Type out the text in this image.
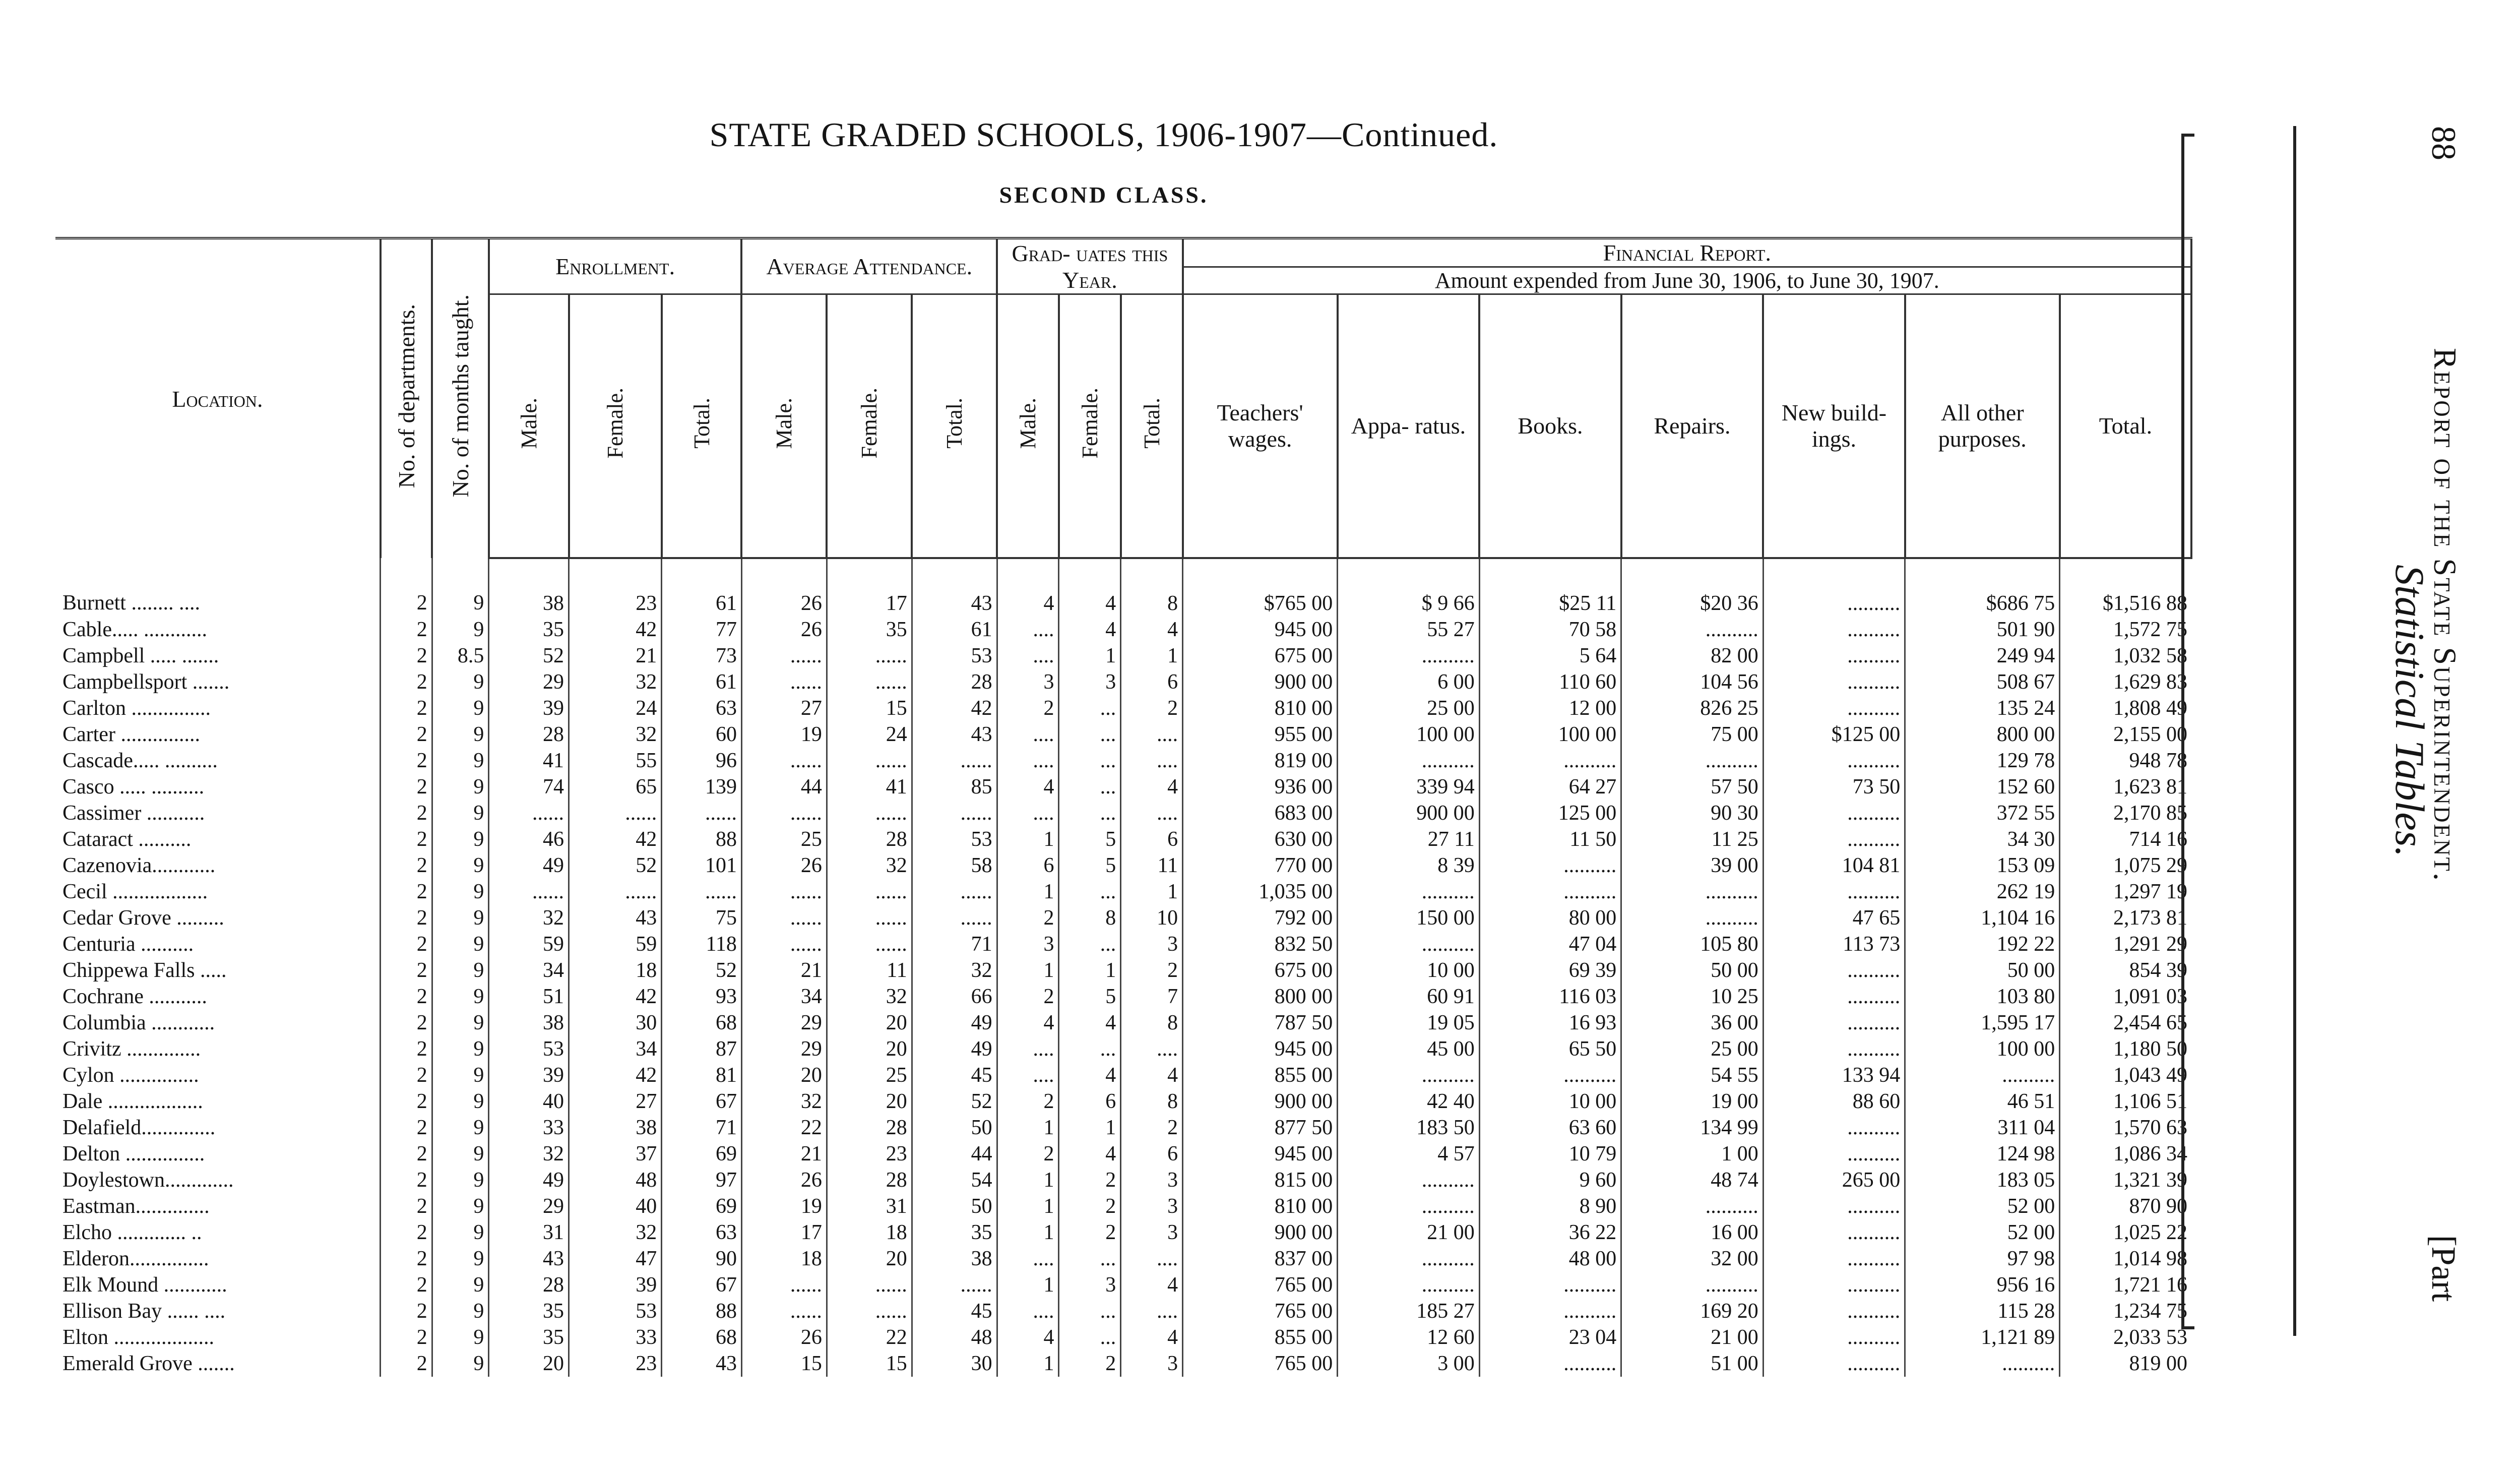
STATE GRADED SCHOOLS, 1906-1907—Continued.
SECOND CLASS.
Location.	No. of departments.	No. of months taught.	Enrollment.			Average Attendance.			Grad- uates this Year.			Financial Report.						
												Amount expended from June 30, 1906, to June 30, 1907.						
			Male.	Female.	Total.	Male.	Female.	Total.	Male.	Female.	Total.	Teachers' wages.	Appa- ratus.	Books.	Repairs.	New build- ings.	All other purposes.	Total.
Burnett ........ ....	2	9	38	23	61	26	17	43	4	4	8	$765 00	$ 9 66	$25 11	$20 36	..........	$686 75	$1,516 88
Cable..... ............	2	9	35	42	77	26	35	61	....	4	4	945 00	55 27	70 58	..........	..........	501 90	1,572 75
Campbell ..... .......	2	8.5	52	21	73	......	......	53	....	1	1	675 00	..........	5 64	82 00	..........	249 94	1,032 58
Campbellsport .......	2	9	29	32	61	......	......	28	3	3	6	900 00	6 00	110 60	104 56	..........	508 67	1,629 83
Carlton ...............	2	9	39	24	63	27	15	42	2	...	2	810 00	25 00	12 00	826 25	..........	135 24	1,808 49
Carter ...............	2	9	28	32	60	19	24	43	....	...	....	955 00	100 00	100 00	75 00	$125 00	800 00	2,155 00
Cascade..... ..........	2	9	41	55	96	......	......	......	....	...	....	819 00	..........	..........	..........	..........	129 78	948 78
Casco ..... ..........	2	9	74	65	139	44	41	85	4	...	4	936 00	339 94	64 27	57 50	73 50	152 60	1,623 81
Cassimer ...........	2	9	......	......	......	......	......	......	....	...	....	683 00	900 00	125 00	90 30	..........	372 55	2,170 85
Cataract ..........	2	9	46	42	88	25	28	53	1	5	6	630 00	27 11	11 50	11 25	..........	34 30	714 16
Cazenovia............	2	9	49	52	101	26	32	58	6	5	11	770 00	8 39	..........	39 00	104 81	153 09	1,075 29
Cecil ..................	2	9	......	......	......	......	......	......	1	...	1	1,035 00	..........	..........	..........	..........	262 19	1,297 19
Cedar Grove .........	2	9	32	43	75	......	......	......	2	8	10	792 00	150 00	80 00	..........	47 65	1,104 16	2,173 81
Centuria ..........	2	9	59	59	118	......	......	71	3	...	3	832 50	..........	47 04	105 80	113 73	192 22	1,291 29
Chippewa Falls .....	2	9	34	18	52	21	11	32	1	1	2	675 00	10 00	69 39	50 00	..........	50 00	854 39
Cochrane ...........	2	9	51	42	93	34	32	66	2	5	7	800 00	60 91	116 03	10 25	..........	103 80	1,091 03
Columbia ............	2	9	38	30	68	29	20	49	4	4	8	787 50	19 05	16 93	36 00	..........	1,595 17	2,454 65
Crivitz ..............	2	9	53	34	87	29	20	49	....	...	....	945 00	45 00	65 50	25 00	..........	100 00	1,180 50
Cylon ...............	2	9	39	42	81	20	25	45	....	4	4	855 00	..........	..........	54 55	133 94	..........	1,043 49
Dale ..................	2	9	40	27	67	32	20	52	2	6	8	900 00	42 40	10 00	19 00	88 60	46 51	1,106 51
Delafield..............	2	9	33	38	71	22	28	50	1	1	2	877 50	183 50	63 60	134 99	..........	311 04	1,570 63
Delton ...............	2	9	32	37	69	21	23	44	2	4	6	945 00	4 57	10 79	1 00	..........	124 98	1,086 34
Doylestown.............	2	9	49	48	97	26	28	54	1	2	3	815 00	..........	9 60	48 74	265 00	183 05	1,321 39
Eastman..............	2	9	29	40	69	19	31	50	1	2	3	810 00	..........	8 90	..........	..........	52 00	870 90
Elcho ............. ..	2	9	31	32	63	17	18	35	1	2	3	900 00	21 00	36 22	16 00	..........	52 00	1,025 22
Elderon...............	2	9	43	47	90	18	20	38	....	...	....	837 00	..........	48 00	32 00	..........	97 98	1,014 98
Elk Mound ............	2	9	28	39	67	......	......	......	1	3	4	765 00	..........	..........	..........	..........	956 16	1,721 16
Ellison Bay ...... ....	2	9	35	53	88	......	......	45	....	...	....	765 00	185 27	..........	169 20	..........	115 28	1,234 75
Elton ...................	2	9	35	33	68	26	22	48	4	...	4	855 00	12 60	23 04	21 00	..........	1,121 89	2,033 53
Emerald Grove .......	2	9	20	23	43	15	15	30	1	2	3	765 00	3 00	..........	51 00	..........	..........	819 00
Statistical Tables.
Report of the State Superintendent.
88
[Part
